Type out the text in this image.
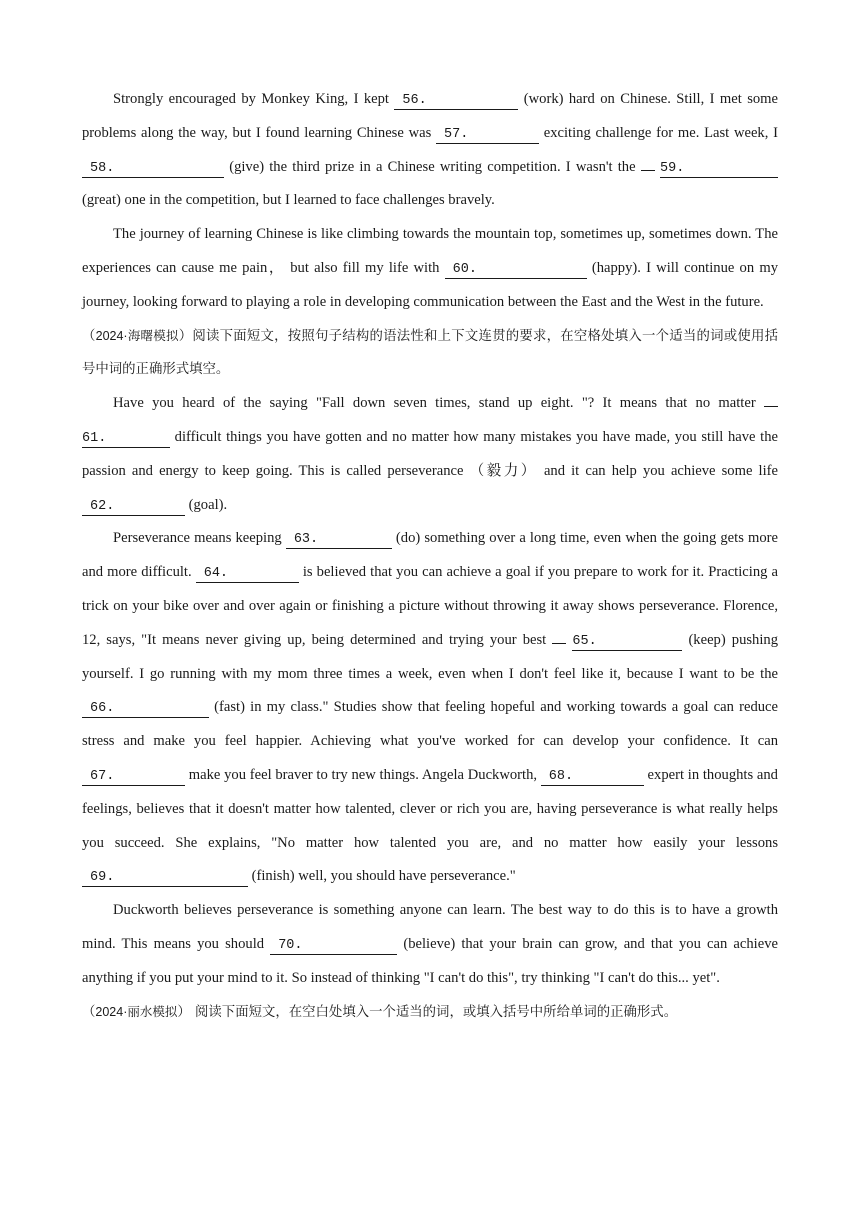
Strongly encouraged by Monkey King, I kept 56.	(work) hard on Chinese. Still, I met some problems along the way, but I found learning Chinese was 57.	exciting challenge for me. Last week, I 58.	(give) the third prize in a Chinese writing competition. I wasn't the  59. (great) one in the competition, but I learned to face challenges bravely.

The journey of learning Chinese is like climbing towards the mountain top, sometimes up, sometimes down. The experiences can cause me pain， but also fill my life with 60.	(happy). I will continue on my journey, looking forward to playing a role in developing communication between the East and the West in the future.

（2024·海曙模拟）阅读下面短文，按照句子结构的语法性和上下文连贯的要求，在空格处填入一个适当的词或使用括号中词的正确形式填空。

Have you heard of the saying "Fall down seven times, stand up eight. "? It means that no matter  61.	difficult things you have gotten and no matter how many mistakes you have made, you still have the passion and energy to keep going. This is called perseverance （毅力） and it can help you achieve some life 62.	(goal).

Perseverance means keeping 63.	(do) something over a long time, even when the going gets more and more difficult. 64.	is believed that you can achieve a goal if you prepare to work for it. Practicing a trick on your bike over and over again or finishing a picture without throwing it away shows perseverance. Florence, 12, says, "It means never giving up, being determined and trying your best  65.	(keep) pushing yourself. I go running with my mom three times a week, even when I don't feel like it, because I want to be the 66.	(fast) in my class." Studies show that feeling hopeful and working towards a goal can reduce stress and make you feel happier. Achieving what you've worked for can develop your confidence. It can 67.	make you feel braver to try new things. Angela Duckworth, 68.	expert in thoughts and feelings, believes that it doesn't matter how talented, clever or rich you are, having perseverance is what really helps you succeed. She explains, "No matter how talented you are, and no matter how easily your lessons 69.	(finish) well, you should have perseverance."

Duckworth believes perseverance is something anyone can learn. The best way to do this is to have a growth mind. This means you should 70.	(believe) that your brain can grow, and that you can achieve anything if you put your mind to it. So instead of thinking "I can't do this", try thinking "I can't do this... yet".

（2024·丽水模拟） 阅读下面短文，在空白处填入一个适当的词，或填入括号中所给单词的正确形式。
